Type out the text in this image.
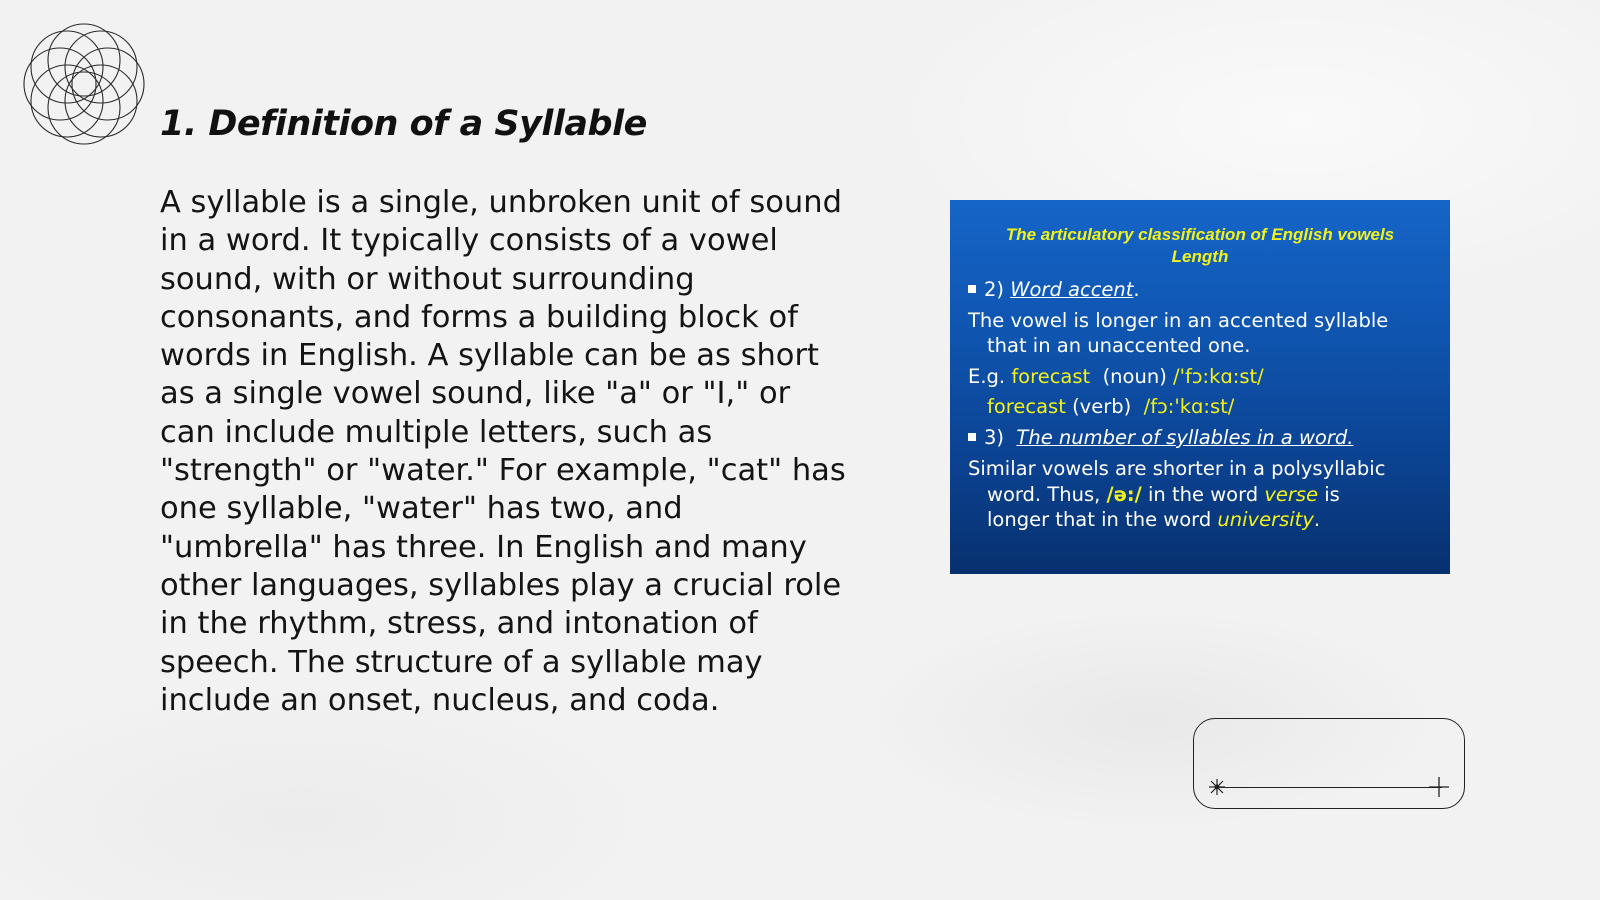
1. Definition of a Syllable

A syllable is a single, unbroken unit of sound in a word. It typically consists of a vowel sound, with or without surrounding consonants, and forms a building block of words in English. A syllable can be as short as a single vowel sound, like "a" or "I," or can include multiple letters, such as "strength" or "water." For example, "cat" has one syllable, "water" has two, and "umbrella" has three. In English and many other languages, syllables play a crucial role in the rhythm, stress, and intonation of speech. The structure of a syllable may include an onset, nucleus, and coda.

The articulatory classification of English vowels
Length
2) Word accent.
The vowel is longer in an accented syllable
that in an unaccented one.
E.g. forecast (noun) /'fɔ:kɑ:st/
forecast (verb) /fɔ:'kɑ:st/
3) The number of syllables in a word.
Similar vowels are shorter in a polysyllabic
word. Thus, /ə:/ in the word verse is
longer that in the word university.
